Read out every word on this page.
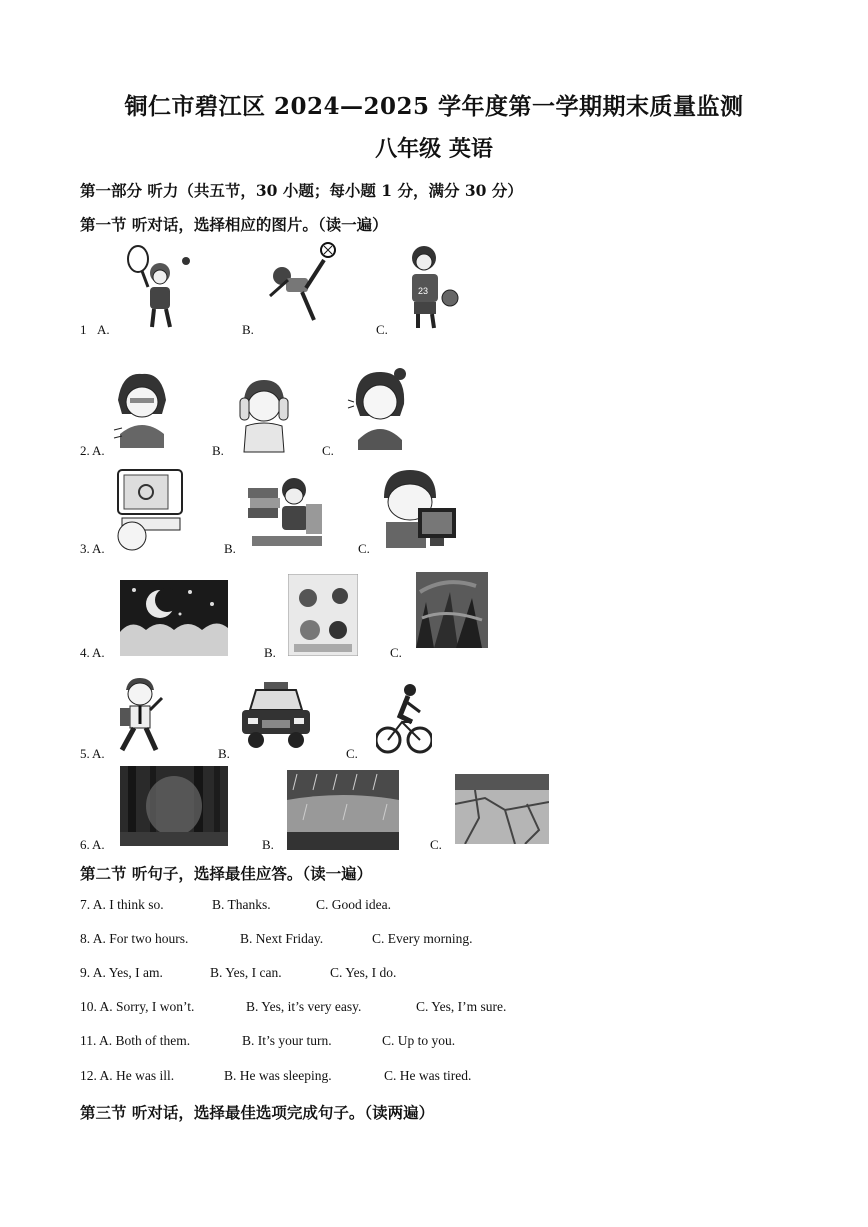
铜仁市碧江区 2024—2025 学年度第一学期期末质量监测
八年级 英语
第一部分 听力（共五节，30 小题；每小题 1 分，满分 30 分）
第一节 听对话，选择相应的图片。（读一遍）
1 A.	B.	C.
23
2. A.	B.	C.
3. A.	B.	C.
4. A.	B.	C.
5. A.	B.	C.
6. A.	B.	C.
第二节 听句子，选择最佳应答。（读一遍）
7. A. I think so.	B. Thanks.	C. Good idea.
8. A. For two hours.	B. Next Friday.	C. Every morning.
9. A. Yes, I am.	B. Yes, I can.	C. Yes, I do.
10. A. Sorry, I won’t.	B. Yes, it’s very easy.	C. Yes, I’m sure.
11. A. Both of them.	B. It’s your turn.	C. Up to you.
12. A. He was ill.	B. He was sleeping.	C. He was tired.
第三节 听对话，选择最佳选项完成句子。（读两遍）
